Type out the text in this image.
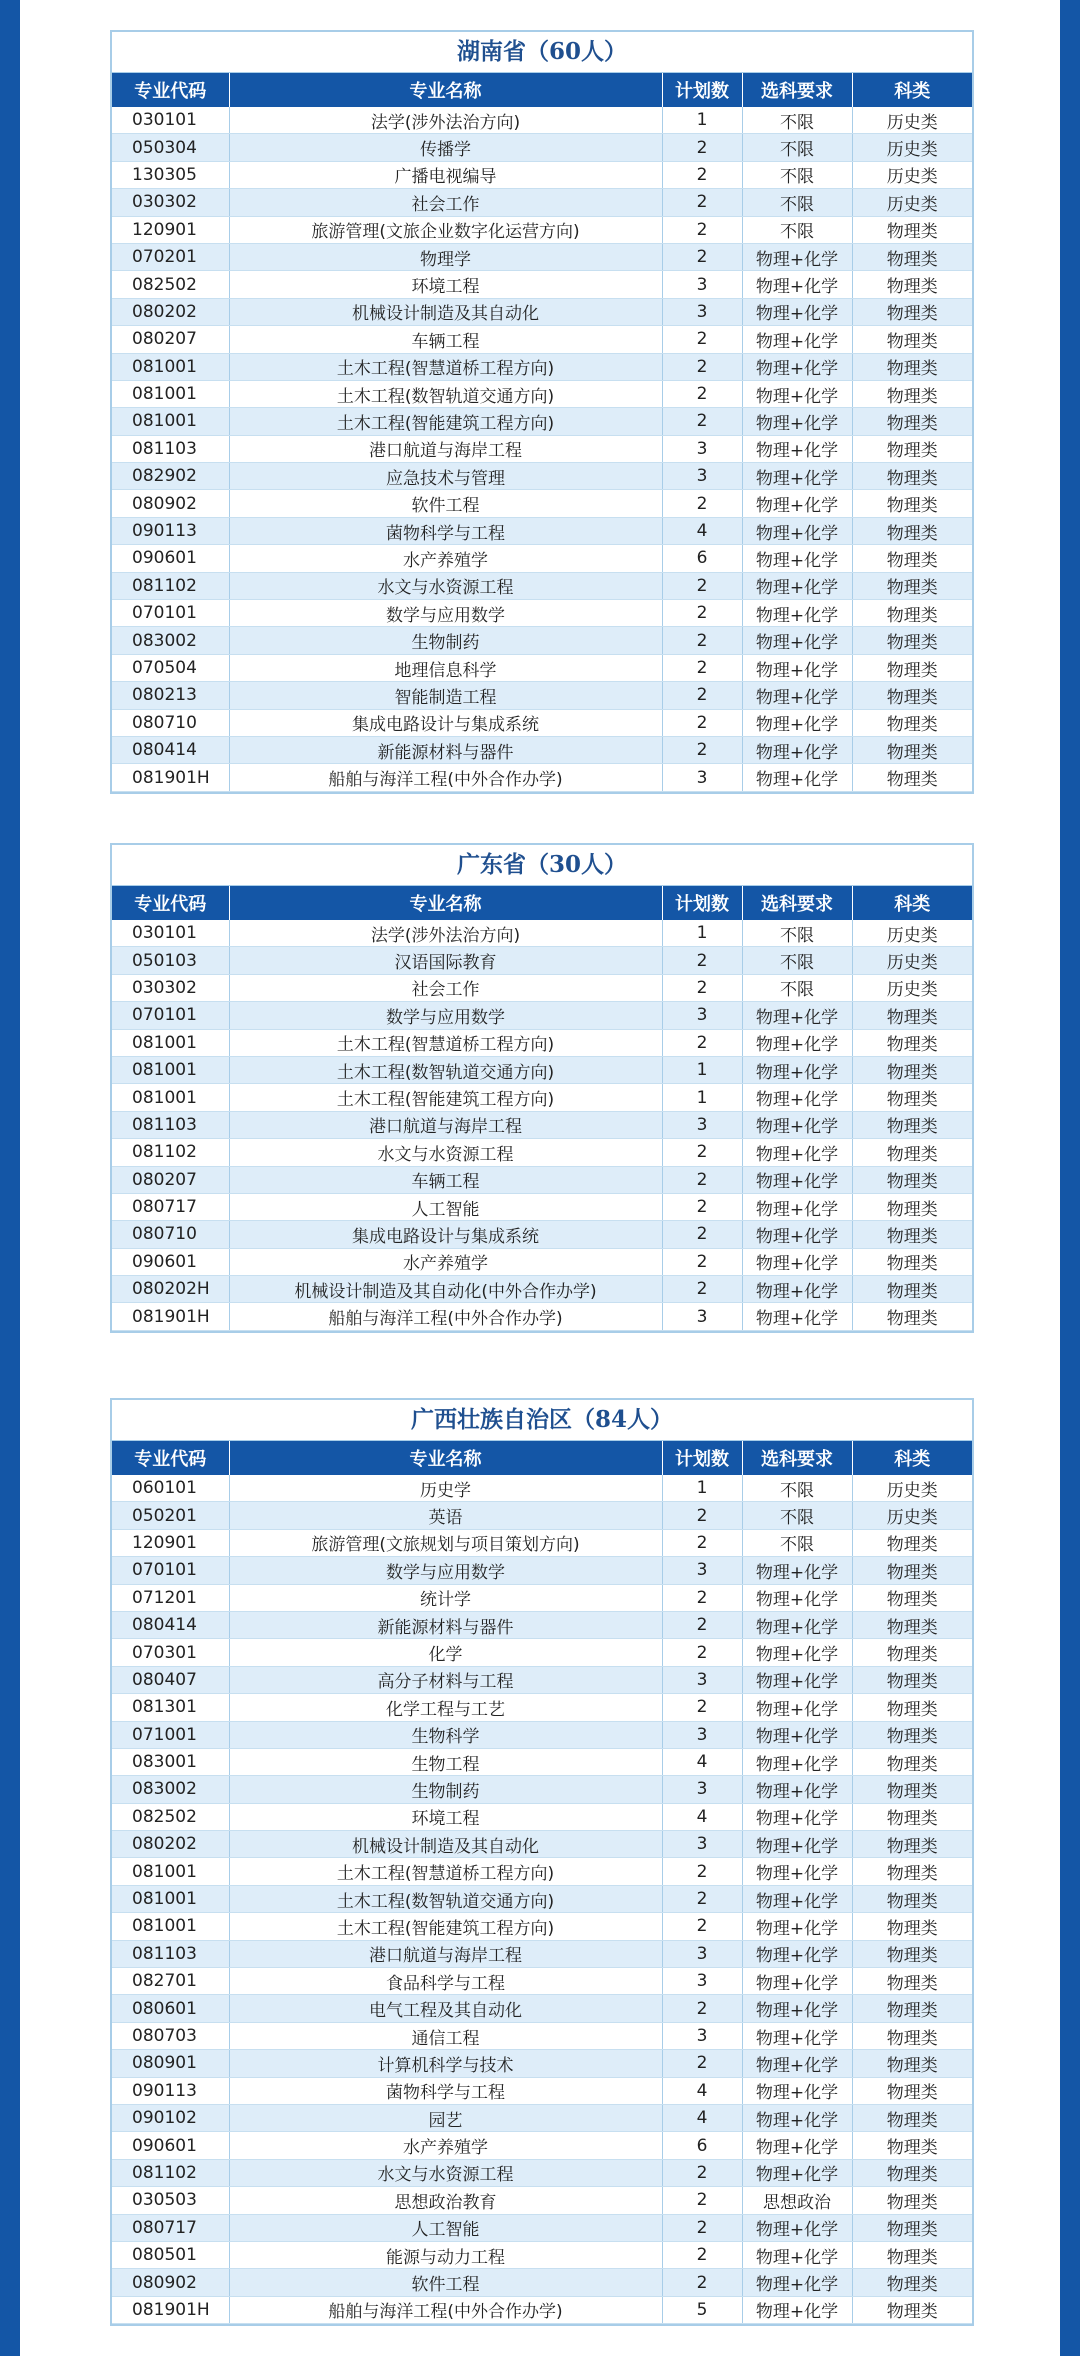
湖南省（60人）
专业代码	专业名称	计划数	选科要求	科类
030101	法学(涉外法治方向)	1	不限	历史类
050304	传播学	2	不限	历史类
130305	广播电视编导	2	不限	历史类
030302	社会工作	2	不限	历史类
120901	旅游管理(文旅企业数字化运营方向)	2	不限	物理类
070201	物理学	2	物理+化学	物理类
082502	环境工程	3	物理+化学	物理类
080202	机械设计制造及其自动化	3	物理+化学	物理类
080207	车辆工程	2	物理+化学	物理类
081001	土木工程(智慧道桥工程方向)	2	物理+化学	物理类
081001	土木工程(数智轨道交通方向)	2	物理+化学	物理类
081001	土木工程(智能建筑工程方向)	2	物理+化学	物理类
081103	港口航道与海岸工程	3	物理+化学	物理类
082902	应急技术与管理	3	物理+化学	物理类
080902	软件工程	2	物理+化学	物理类
090113	菌物科学与工程	4	物理+化学	物理类
090601	水产养殖学	6	物理+化学	物理类
081102	水文与水资源工程	2	物理+化学	物理类
070101	数学与应用数学	2	物理+化学	物理类
083002	生物制药	2	物理+化学	物理类
070504	地理信息科学	2	物理+化学	物理类
080213	智能制造工程	2	物理+化学	物理类
080710	集成电路设计与集成系统	2	物理+化学	物理类
080414	新能源材料与器件	2	物理+化学	物理类
081901H	船舶与海洋工程(中外合作办学)	3	物理+化学	物理类
广东省（30人）
专业代码	专业名称	计划数	选科要求	科类
030101	法学(涉外法治方向)	1	不限	历史类
050103	汉语国际教育	2	不限	历史类
030302	社会工作	2	不限	历史类
070101	数学与应用数学	3	物理+化学	物理类
081001	土木工程(智慧道桥工程方向)	2	物理+化学	物理类
081001	土木工程(数智轨道交通方向)	1	物理+化学	物理类
081001	土木工程(智能建筑工程方向)	1	物理+化学	物理类
081103	港口航道与海岸工程	3	物理+化学	物理类
081102	水文与水资源工程	2	物理+化学	物理类
080207	车辆工程	2	物理+化学	物理类
080717	人工智能	2	物理+化学	物理类
080710	集成电路设计与集成系统	2	物理+化学	物理类
090601	水产养殖学	2	物理+化学	物理类
080202H	机械设计制造及其自动化(中外合作办学)	2	物理+化学	物理类
081901H	船舶与海洋工程(中外合作办学)	3	物理+化学	物理类
广西壮族自治区（84人）
专业代码	专业名称	计划数	选科要求	科类
060101	历史学	1	不限	历史类
050201	英语	2	不限	历史类
120901	旅游管理(文旅规划与项目策划方向)	2	不限	物理类
070101	数学与应用数学	3	物理+化学	物理类
071201	统计学	2	物理+化学	物理类
080414	新能源材料与器件	2	物理+化学	物理类
070301	化学	2	物理+化学	物理类
080407	高分子材料与工程	3	物理+化学	物理类
081301	化学工程与工艺	2	物理+化学	物理类
071001	生物科学	3	物理+化学	物理类
083001	生物工程	4	物理+化学	物理类
083002	生物制药	3	物理+化学	物理类
082502	环境工程	4	物理+化学	物理类
080202	机械设计制造及其自动化	3	物理+化学	物理类
081001	土木工程(智慧道桥工程方向)	2	物理+化学	物理类
081001	土木工程(数智轨道交通方向)	2	物理+化学	物理类
081001	土木工程(智能建筑工程方向)	2	物理+化学	物理类
081103	港口航道与海岸工程	3	物理+化学	物理类
082701	食品科学与工程	3	物理+化学	物理类
080601	电气工程及其自动化	2	物理+化学	物理类
080703	通信工程	3	物理+化学	物理类
080901	计算机科学与技术	2	物理+化学	物理类
090113	菌物科学与工程	4	物理+化学	物理类
090102	园艺	4	物理+化学	物理类
090601	水产养殖学	6	物理+化学	物理类
081102	水文与水资源工程	2	物理+化学	物理类
030503	思想政治教育	2	思想政治	物理类
080717	人工智能	2	物理+化学	物理类
080501	能源与动力工程	2	物理+化学	物理类
080902	软件工程	2	物理+化学	物理类
081901H	船舶与海洋工程(中外合作办学)	5	物理+化学	物理类
